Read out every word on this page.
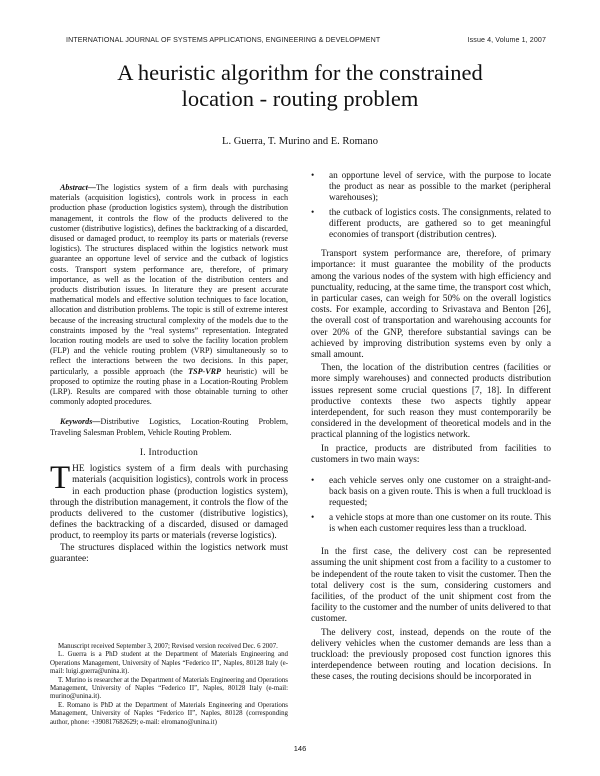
INTERNATIONAL JOURNAL OF SYSTEMS APPLICATIONS, ENGINEERING & DEVELOPMENT	Issue 4, Volume 1, 2007
A heuristic algorithm for the constrained
location - routing problem
L. Guerra, T. Murino and E. Romano

Abstract—The logistics system of a firm deals with purchasing materials (acquisition logistics), controls work in process in each production phase (production logistics system), through the distribution management, it controls the flow of the products delivered to the customer (distributive logistics), defines the backtracking of a discarded, disused or damaged product, to reemploy its parts or materials (reverse logistics). The structures displaced within the logistics network must guarantee an opportune level of service and the cutback of logistics costs. Transport system performance are, therefore, of primary importance, as well as the location of the distribution centers and products distribution issues. In literature they are present accurate mathematical models and effective solution techniques to face location, allocation and distribution problems. The topic is still of extreme interest because of the increasing structural complexity of the models due to the constraints imposed by the “real systems” representation. Integrated location routing models are used to solve the facility location problem (FLP) and the vehicle routing problem (VRP) simultaneously so to reflect the interactions between the two decisions. In this paper, particularly, a possible approach (the TSP-VRP heuristic) will be proposed to optimize the routing phase in a Location-Routing Problem (LRP). Results are compared with those obtainable turning to other commonly adopted procedures.

Keywords—Distributive Logistics, Location-Routing Problem, Traveling Salesman Problem, Vehicle Routing Problem.

I. Introduction

THE logistics system of a firm deals with purchasing materials (acquisition logistics), controls work in process in each production phase (production logistics system), through the distribution management, it controls the flow of the products delivered to the customer (distributive logistics), defines the backtracking of a discarded, disused or damaged product, to reemploy its parts or materials (reverse logistics).

The structures displaced within the logistics network must guarantee:

Manuscript received September 3, 2007; Revised version received Dec. 6 2007.

L. Guerra is a PhD student at the Department of Materials Engineering and Operations Management, University of Naples “Federico II”, Naples, 80128 Italy (e-mail: luigi.guerra@unina.it).

T. Murino is researcher at the Department of Materials Engineering and Operations Management, University of Naples “Federico II”, Naples, 80128 Italy (e-mail: murino@unina.it).

E. Romano is PhD at the Department of Materials Engineering and Operations Management, University of Naples “Federico II”, Naples, 80128 (corresponding author, phone: +390817682629; e-mail: elromano@unina.it)

• an opportune level of service, with the purpose to locate the product as near as possible to the market (peripheral warehouses);
• the cutback of logistics costs. The consignments, related to different products, are gathered so to get meaningful economies of transport (distribution centres).

Transport system performance are, therefore, of primary importance: it must guarantee the mobility of the products among the various nodes of the system with high efficiency and punctuality, reducing, at the same time, the transport cost which, in particular cases, can weigh for 50% on the overall logistics costs. For example, according to Srivastava and Benton [26], the overall cost of transportation and warehousing accounts for over 20% of the GNP, therefore substantial savings can be achieved by improving distribution systems even by only a small amount.

Then, the location of the distribution centres (facilities or more simply warehouses) and connected products distribution issues represent some crucial questions [7, 18]. In different productive contexts these two aspects tightly appear interdependent, for such reason they must contemporarily be considered in the development of theoretical models and in the practical planning of the logistics network.

In practice, products are distributed from facilities to customers in two main ways:

• each vehicle serves only one customer on a straight-and-back basis on a given route. This is when a full truckload is requested;
• a vehicle stops at more than one customer on its route. This is when each customer requires less than a truckload.

In the first case, the delivery cost can be represented assuming the unit shipment cost from a facility to a customer to be independent of the route taken to visit the customer. Then the total delivery cost is the sum, considering customers and facilities, of the product of the unit shipment cost from the facility to the customer and the number of units delivered to that customer.

The delivery cost, instead, depends on the route of the delivery vehicles when the customer demands are less than a truckload: the previously proposed cost function ignores this interdependence between routing and location decisions. In these cases, the routing decisions should be incorporated in

146
